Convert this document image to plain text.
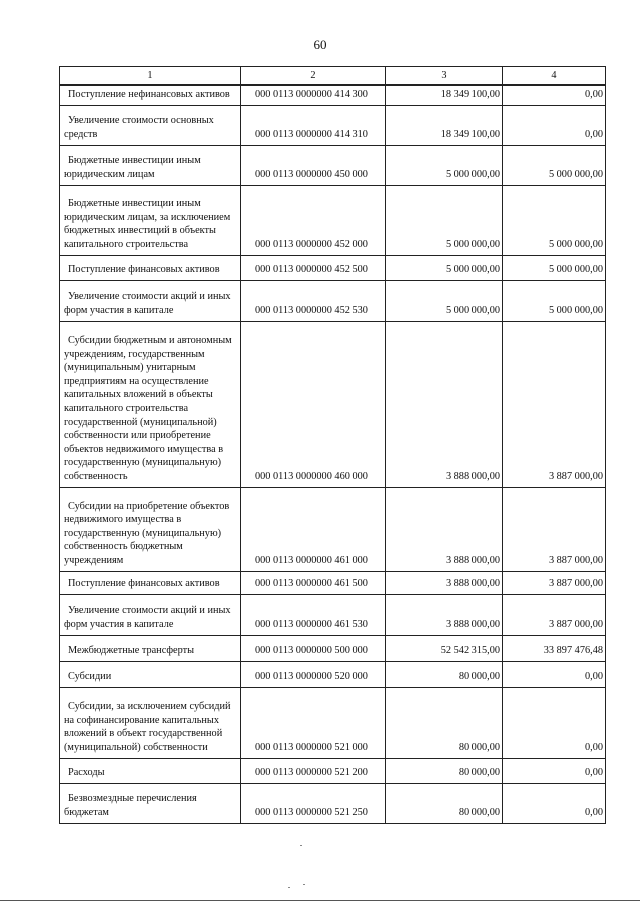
60
1	2	3	4
Поступление нефинансовых активов	000 0113 0000000 414 300	18 349 100,00	0,00
Увеличение стоимости основных средств	000 0113 0000000 414 310	18 349 100,00	0,00
Бюджетные инвестиции иным юридическим лицам	000 0113 0000000 450 000	5 000 000,00	5 000 000,00
Бюджетные инвестиции иным юридическим лицам, за исключением бюджетных инвестиций в объекты капитального строительства	000 0113 0000000 452 000	5 000 000,00	5 000 000,00
Поступление финансовых активов	000 0113 0000000 452 500	5 000 000,00	5 000 000,00
Увеличение стоимости акций и иных форм участия в капитале	000 0113 0000000 452 530	5 000 000,00	5 000 000,00
Субсидии бюджетным и автономным учреждениям, государственным (муниципальным) унитарным предприятиям на осуществление капитальных вложений в объекты капитального строительства государственной (муниципальной) собственности или приобретение объектов недвижимого имущества в государственную (муниципальную) собственность	000 0113 0000000 460 000	3 888 000,00	3 887 000,00
Субсидии на приобретение объектов недвижимого имущества в государственную (муниципальную) собственность бюджетным учреждениям	000 0113 0000000 461 000	3 888 000,00	3 887 000,00
Поступление финансовых активов	000 0113 0000000 461 500	3 888 000,00	3 887 000,00
Увеличение стоимости акций и иных форм участия в капитале	000 0113 0000000 461 530	3 888 000,00	3 887 000,00
Межбюджетные трансферты	000 0113 0000000 500 000	52 542 315,00	33 897 476,48
Субсидии	000 0113 0000000 520 000	80 000,00	0,00
Субсидии, за исключением субсидий на софинансирование капитальных вложений в объект государственной (муниципальной) собственности	000 0113 0000000 521 000	80 000,00	0,00
Расходы	000 0113 0000000 521 200	80 000,00	0,00
Безвозмездные перечисления бюджетам	000 0113 0000000 521 250	80 000,00	0,00
